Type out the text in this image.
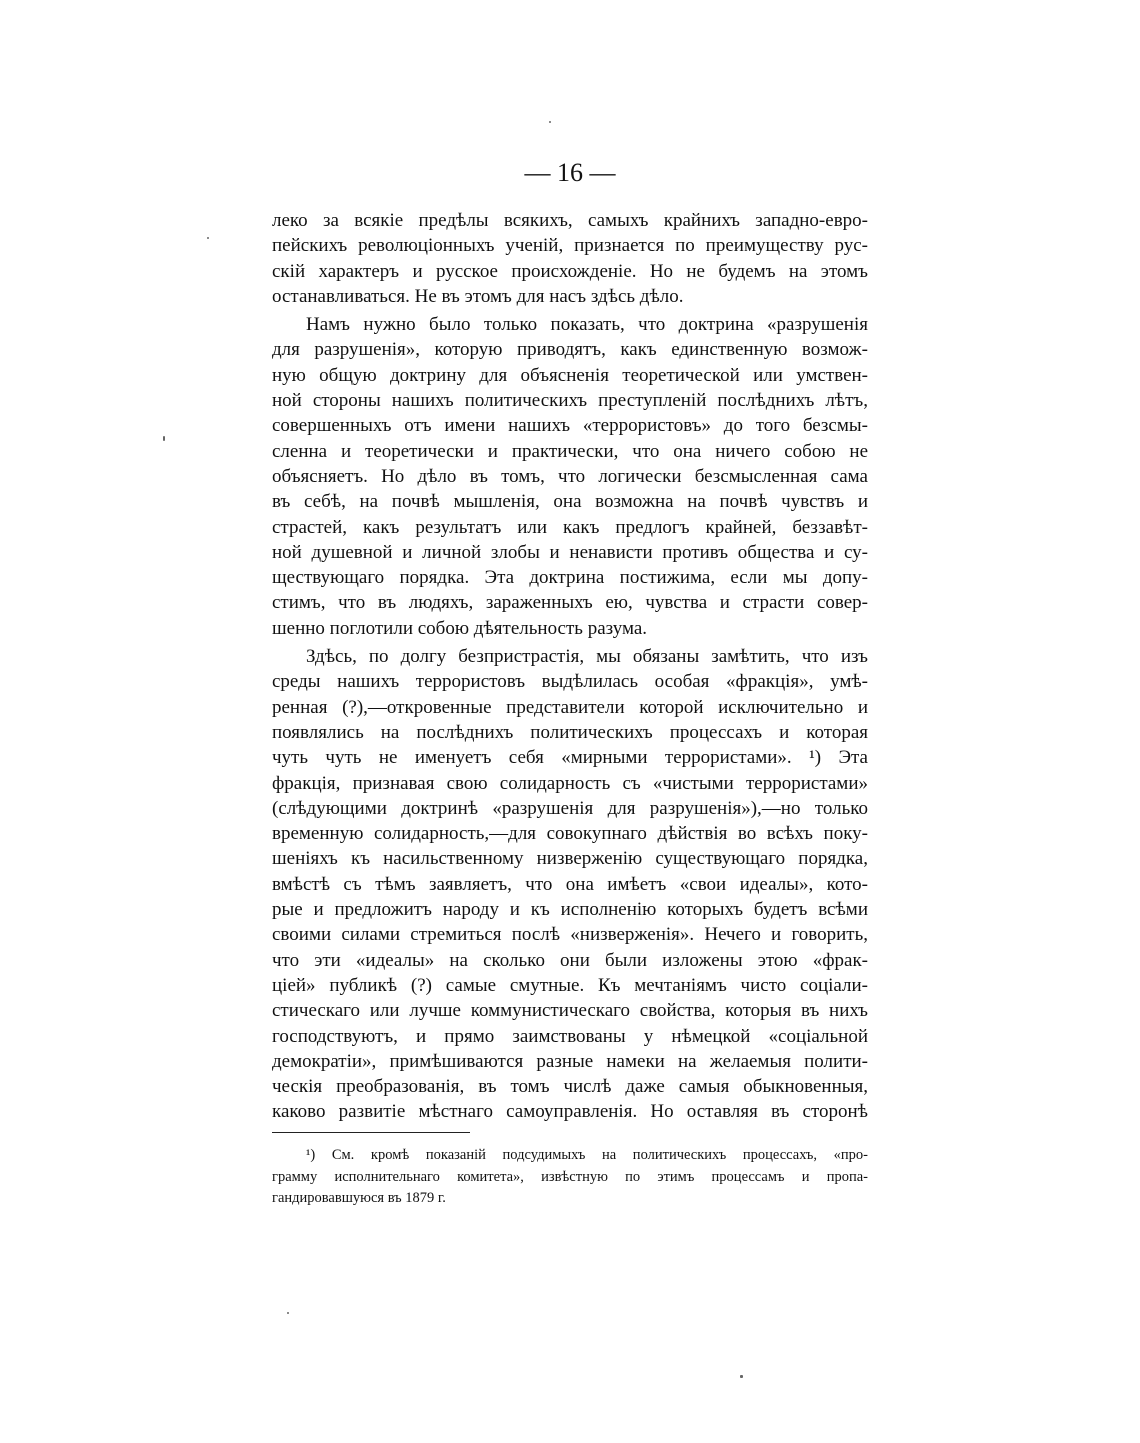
— 16 —
леко за всякіе предѣлы всякихъ, самыхъ крайнихъ западно-евро-
пейскихъ революціонныхъ ученій, признается по преимуществу рус-
скій характеръ и русское происхожденіе. Но не будемъ на этомъ
останавливаться. Не въ этомъ для насъ здѣсь дѣло.
Намъ нужно было только показать, что доктрина «разрушенія
для разрушенія», которую приводятъ, какъ единственную возмож-
ную общую доктрину для объясненія теоретической или умствен-
ной стороны нашихъ политическихъ преступленій послѣднихъ лѣтъ,
совершенныхъ отъ имени нашихъ «террористовъ» до того безсмы-
сленна и теоретически и практически, что она ничего собою не
объясняетъ. Но дѣло въ томъ, что логически безсмысленная сама
въ себѣ, на почвѣ мышленія, она возможна на почвѣ чувствъ и
страстей, какъ результатъ или какъ предлогъ крайней, беззавѣт-
ной душевной и личной злобы и ненависти противъ общества и су-
ществующаго порядка. Эта доктрина постижима, если мы допу-
стимъ, что въ людяхъ, зараженныхъ ею, чувства и страсти совер-
шенно поглотили собою дѣятельность разума.
Здѣсь, по долгу безпристрастія, мы обязаны замѣтить, что изъ
среды нашихъ террористовъ выдѣлилась особая «фракція», умѣ-
ренная (?),—откровенные представители которой исключительно и
появлялись на послѣднихъ политическихъ процессахъ и которая
чуть чуть не именуетъ себя «мирными террористами». ¹) Эта
фракція, признавая свою солидарность съ «чистыми террористами»
(слѣдующими доктринѣ «разрушенія для разрушенія»),—но только
временную солидарность,—для совокупнаго дѣйствія во всѣхъ поку-
шеніяхъ къ насильственному низверженію существующаго порядка,
вмѣстѣ съ тѣмъ заявляетъ, что она имѣетъ «свои идеалы», кото-
рые и предложитъ народу и къ исполненію которыхъ будетъ всѣми
своими силами стремиться послѣ «низверженія». Нечего и говорить,
что эти «идеалы» на сколько они были изложены этою «фрак-
ціей» публикѣ (?) самые смутные. Къ мечтаніямъ чисто соціали-
стическаго или лучше коммунистическаго свойства, которыя въ нихъ
господствуютъ, и прямо заимствованы у нѣмецкой «соціальной
демократіи», примѣшиваются разные намеки на желаемыя полити-
ческія преобразованія, въ томъ числѣ даже самыя обыкновенныя,
каково развитіе мѣстнаго самоуправленія. Но оставляя въ сторонѣ
¹) См. кромѣ показаній подсудимыхъ на политическихъ процессахъ, «про-
грамму исполнительнаго комитета», извѣстную по этимъ процессамъ и пропа-
гандировавшуюся въ 1879 г.
